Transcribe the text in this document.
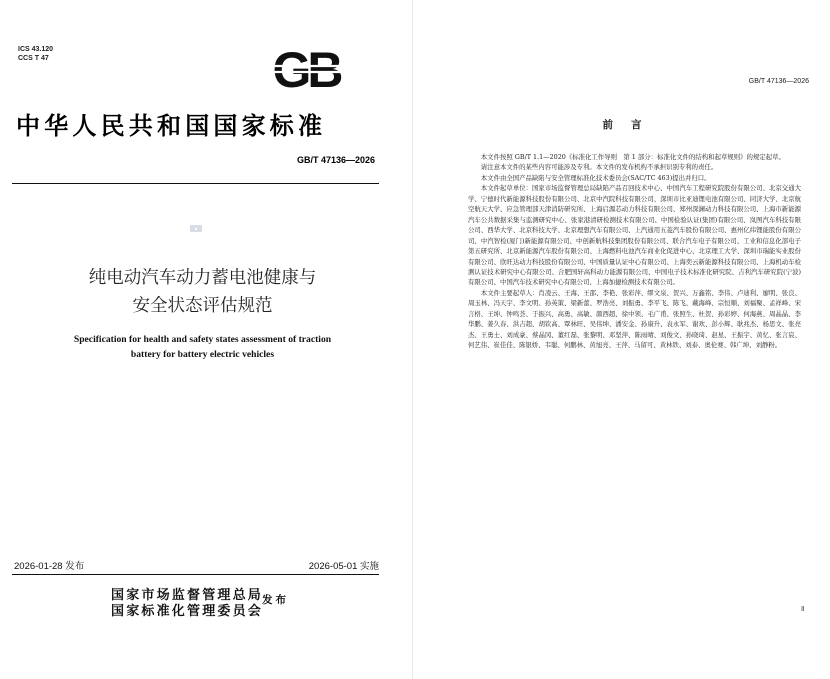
ICS 43.120
CCS T 47	GB
中华人民共和国国家标准
GB/T 47136—2026
▪
纯电动汽车动力蓄电池健康与
安全状态评估规范
Specification for health and safety states assessment of traction
battery for battery electric vehicles
2026-01-28 发布	2026-05-01 实施
国家市场监督管理总局
国家标准化管理委员会
发布
GB/T 47136—2026
前言

本文件按照 GB/T 1.1—2020《标准化工作导则　第 1 部分：标准化文件的结构和起草规则》的规定起草。

请注意本文件的某些内容可能涉及专利。本文件的发布机构不承担识别专利的责任。

本文件由全国产品缺陷与安全管理标准化技术委员会(SAC/TC 463)提出并归口。

本文件起草单位：国家市场监督管理总局缺陷产品召回技术中心、中国汽车工程研究院股份有限公司、北京交通大学、宁德时代新能源科技股份有限公司、北京中汽院科技有限公司、深圳市比亚迪锂电池有限公司、同济大学、北京航空航天大学、应急管理部天津消防研究所、上海启源芯动力科技有限公司、郑州深澜动力科技有限公司、上海市新能源汽车公共数据采集与监测研究中心、张家港清研检测技术有限公司、中国检验认证(集团)有限公司、岚图汽车科技有限公司、西华大学、北京科技大学、北京理想汽车有限公司、上汽通用五菱汽车股份有限公司、惠州亿纬锂能股份有限公司、中汽智检(厦门)新能源有限公司、中创新航科技集团股份有限公司、联合汽车电子有限公司、工业和信息化部电子第五研究所、北京新能源汽车股份有限公司、上海燃料电池汽车商业化促进中心、北京理工大学、深圳市瑞能实业股份有限公司、欣旺达动力科技股份有限公司、中国质量认证中心有限公司、上海奕云新能源科技有限公司、上海机动车检测认证技术研究中心有限公司、合肥国轩高科动力能源有限公司、中国电子技术标准化研究院、吉利汽车研究院(宁波)有限公司、中国汽车技术研究中心有限公司、上海加捷检测技术有限公司。

本文件主要起草人：肖凌云、王海、王邵、李艳、张彩萍、缪文泉、贺兴、万鑫铭、李伟、卢迪利、廖明、张良、周玉林、冯天宇、李文明、孙英策、梁新蕾、罗浩亮、刘振勇、李平飞、陈飞、戴海峰、宗恒顺、刘福聚、孟祥峰、宋言格、王坤、钟鸣荟、于振兴、高勇、高敏、颜西超、徐中领、毛广甫、张照生、杜贺、孙彩婷、何海燕、周晶晶、李华鹏、姜久春、洪吉超、胡钦高、覃林旺、吴伟坤、潘安金、孙康升、袁永军、谢欢、彭小辉、耿兆杰、杨思文、张亮杰、王勇士、刘成豪、蔡晶冈、董红磊、张黎明、邓坚萍、陈雨晴、刘俊文、孙晓琦、赵星、王振宇、黄忆、张言宸、何艺伟、崔佳佳、陈银娇、韦聪、何鹏林、黄旭亮、王萍、马留可、黄林铁、刘泰、奥伦赛、韩广坤、刘静粉。

Ⅱ
